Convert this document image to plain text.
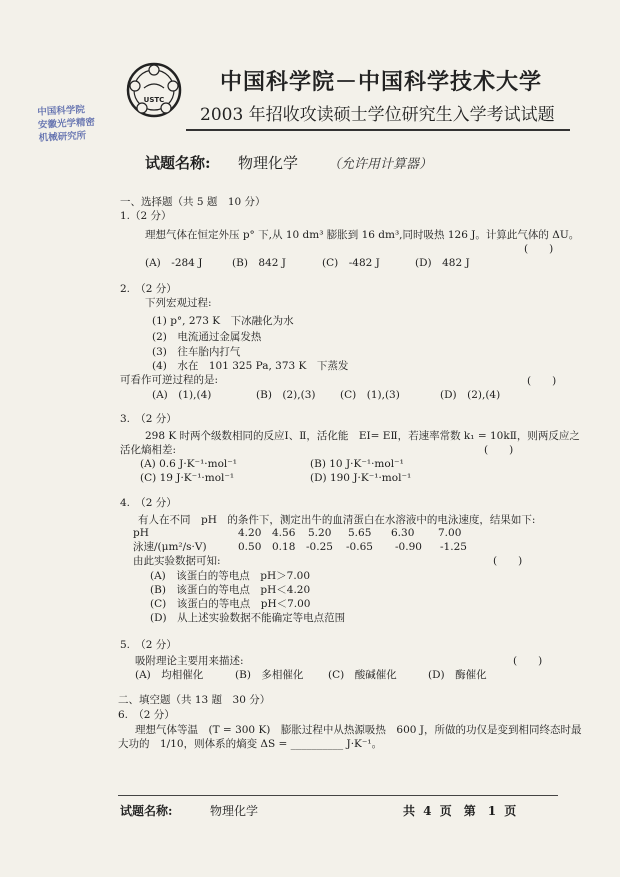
USTC
中国科学院－中国科学技术大学
2003 年招收攻读硕士学位研究生入学考试试题
中国科学院
安徽光学精密
机械研究所
试题名称: 物理化学 （允许用计算器）
一、选择题（共 5 题　10 分）
1.（2 分）
理想气体在恒定外压 p° 下,从 10 dm³ 膨胀到 16 dm³,同时吸热 126 J。计算此气体的 ΔU。
(　　)
(A)　-284 J	(B)　842 J	(C)　-482 J	(D)　482 J
2.　（2 分）
下列宏观过程:
(1) p°, 273 K　下冰融化为水
(2)　电流通过金属发热
(3)　往车胎内打气
(4)　水在　101 325 Pa, 373 K　下蒸发
可看作可逆过程的是:	(　　)
(A)　(1),(4)	(B)　(2),(3) (C)　(1),(3)	(D)　(2),(4)
3.　（2 分）
298 K 时两个级数相同的反应Ⅰ、Ⅱ，活化能　EⅠ= EⅡ，若速率常数 k₁ = 10kⅡ，则两反应之
活化熵相差:	(　　)
(A) 0.6 J·K⁻¹·mol⁻¹	(B) 10 J·K⁻¹·mol⁻¹
(C) 19 J·K⁻¹·mol⁻¹	(D) 190 J·K⁻¹·mol⁻¹
4.　（2 分）
有人在不同　pH　的条件下，测定出牛的血清蛋白在水溶液中的电泳速度，结果如下:
pH	4.20 4.56 5.20 5.65 6.30 7.00
泳速/(μm²/s·V)	0.50 0.18 -0.25 -0.65 -0.90 -1.25
由此实验数据可知:	(　　)
(A)　该蛋白的等电点　pH＞7.00
(B)　该蛋白的等电点　pH＜4.20
(C)　该蛋白的等电点　pH＜7.00
(D)　从上述实验数据不能确定等电点范围
5.　（2 分）
吸附理论主要用来描述:	(　　)
(A)　均相催化	(B)　多相催化 (C)　酸碱催化	(D)　酶催化
二、填空题（共 13 题　30 分）
6.　（2 分）
理想气体等温　(T = 300 K)　膨胀过程中从热源吸热　600 J，所做的功仅是变到相同终态时最
大功的　1/10，则体系的熵变 ΔS = __________ J·K⁻¹。
试题名称:	物理化学	共 4 页　第　1 页
